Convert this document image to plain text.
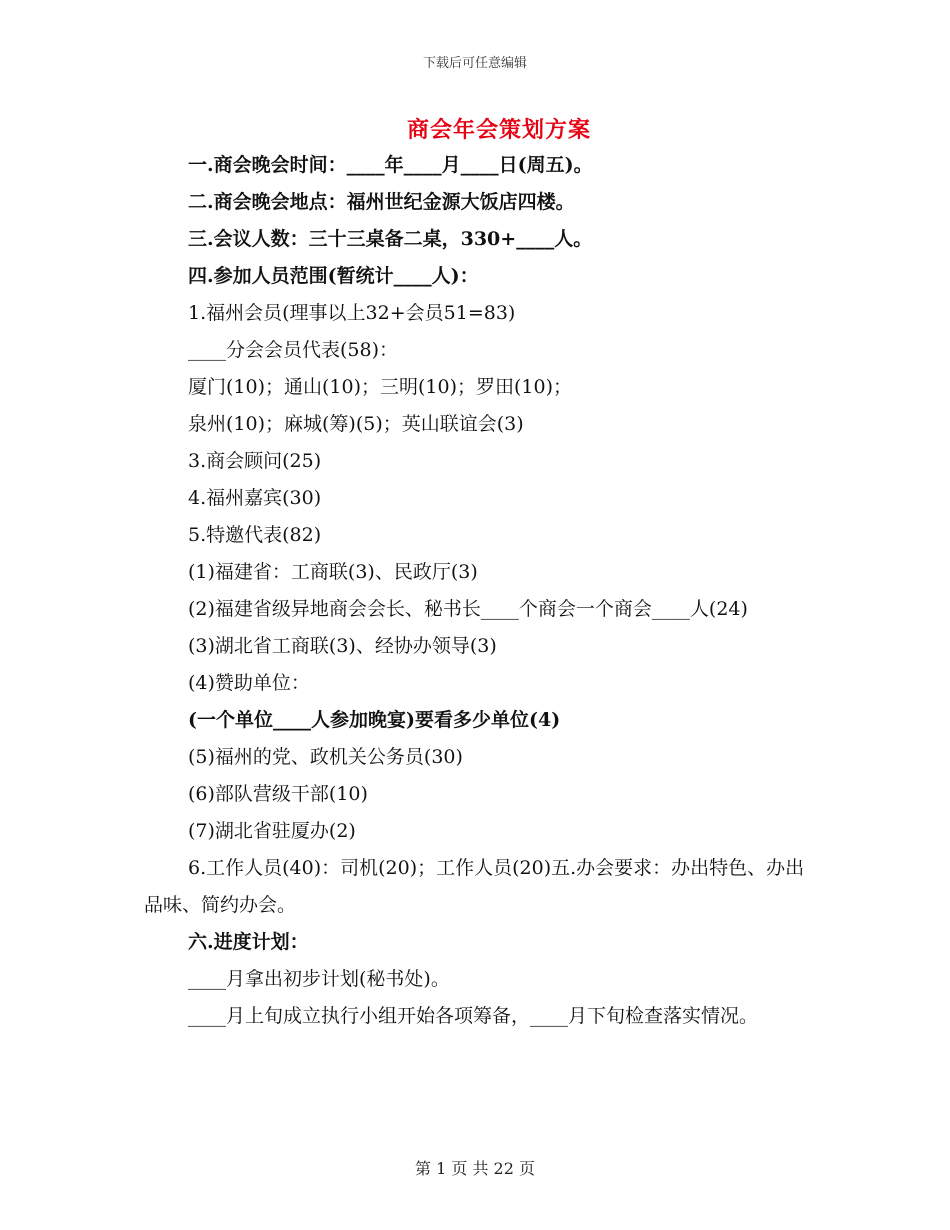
下载后可任意编辑
商会年会策划方案
一.商会晚会时间：____年____月____日(周五)。
二.商会晚会地点：福州世纪金源大饭店四楼。
三.会议人数：三十三桌备二桌，330+____人。
四.参加人员范围(暂统计____人)：
1.福州会员(理事以上32+会员51=83)
____分会会员代表(58)：
厦门(10)；通山(10)；三明(10)；罗田(10)；
泉州(10)；麻城(筹)(5)；英山联谊会(3)
3.商会顾问(25)
4.福州嘉宾(30)
5.特邀代表(82)
(1)福建省：工商联(3)、民政厅(3)
(2)福建省级异地商会会长、秘书长____个商会一个商会____人(24)
(3)湖北省工商联(3)、经协办领导(3)
(4)赞助单位：
(一个单位____人参加晚宴)要看多少单位(4)
(5)福州的党、政机关公务员(30)
(6)部队营级干部(10)
(7)湖北省驻厦办(2)
6.工作人员(40)：司机(20)；工作人员(20)五.办会要求：办出特色、办出品味、简约办会。
六.进度计划：
____月拿出初步计划(秘书处)。
____月上旬成立执行小组开始各项筹备，____月下旬检查落实情况。
第 1 页 共 22 页
